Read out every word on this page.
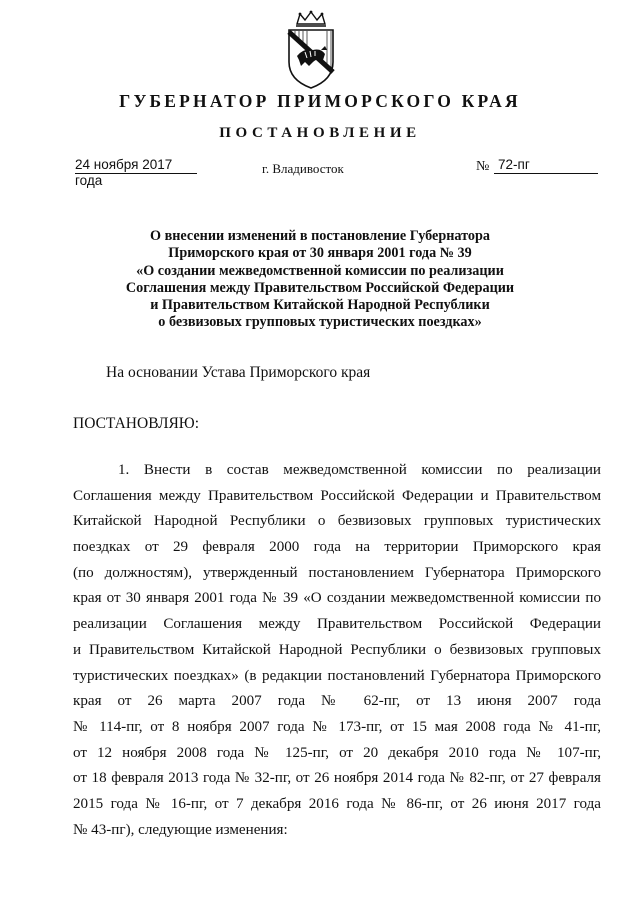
ГУБЕРНАТОР ПРИМОРСКОГО КРАЯ
ПОСТАНОВЛЕНИЕ
24 ноября 2017 года
г. Владивосток	№ 72-пг
О внесении изменений в постановление Губернатора
Приморского края от 30 января 2001 года № 39
«О создании межведомственной комиссии по реализации
Соглашения между Правительством Российской Федерации
и Правительством Китайской Народной Республики
о безвизовых групповых туристических поездках»
На основании Устава Приморского края
ПОСТАНОВЛЯЮ:
1. Внести в состав межведомственной комиссии по реализации
Соглашения между Правительством Российской Федерации и Правительством
Китайской Народной Республики о безвизовых групповых туристических
поездках от 29 февраля 2000 года на территории Приморского края
(по должностям), утвержденный постановлением Губернатора Приморского
края от 30 января 2001 года № 39 «О создании межведомственной комиссии по
реализации Соглашения между Правительством Российской Федерации
и Правительством Китайской Народной Республики о безвизовых групповых
туристических поездках» (в редакции постановлений Губернатора Приморского
края от 26 марта 2007 года № 62-пг, от 13 июня 2007 года
№ 114-пг, от 8 ноября 2007 года № 173-пг, от 15 мая 2008 года № 41-пг,
от 12 ноября 2008 года № 125-пг, от 20 декабря 2010 года № 107-пг,
от 18 февраля 2013 года № 32-пг, от 26 ноября 2014 года № 82-пг, от 27 февраля
2015 года № 16-пг, от 7 декабря 2016 года № 86-пг, от 26 июня 2017 года
№ 43-пг), следующие изменения:
